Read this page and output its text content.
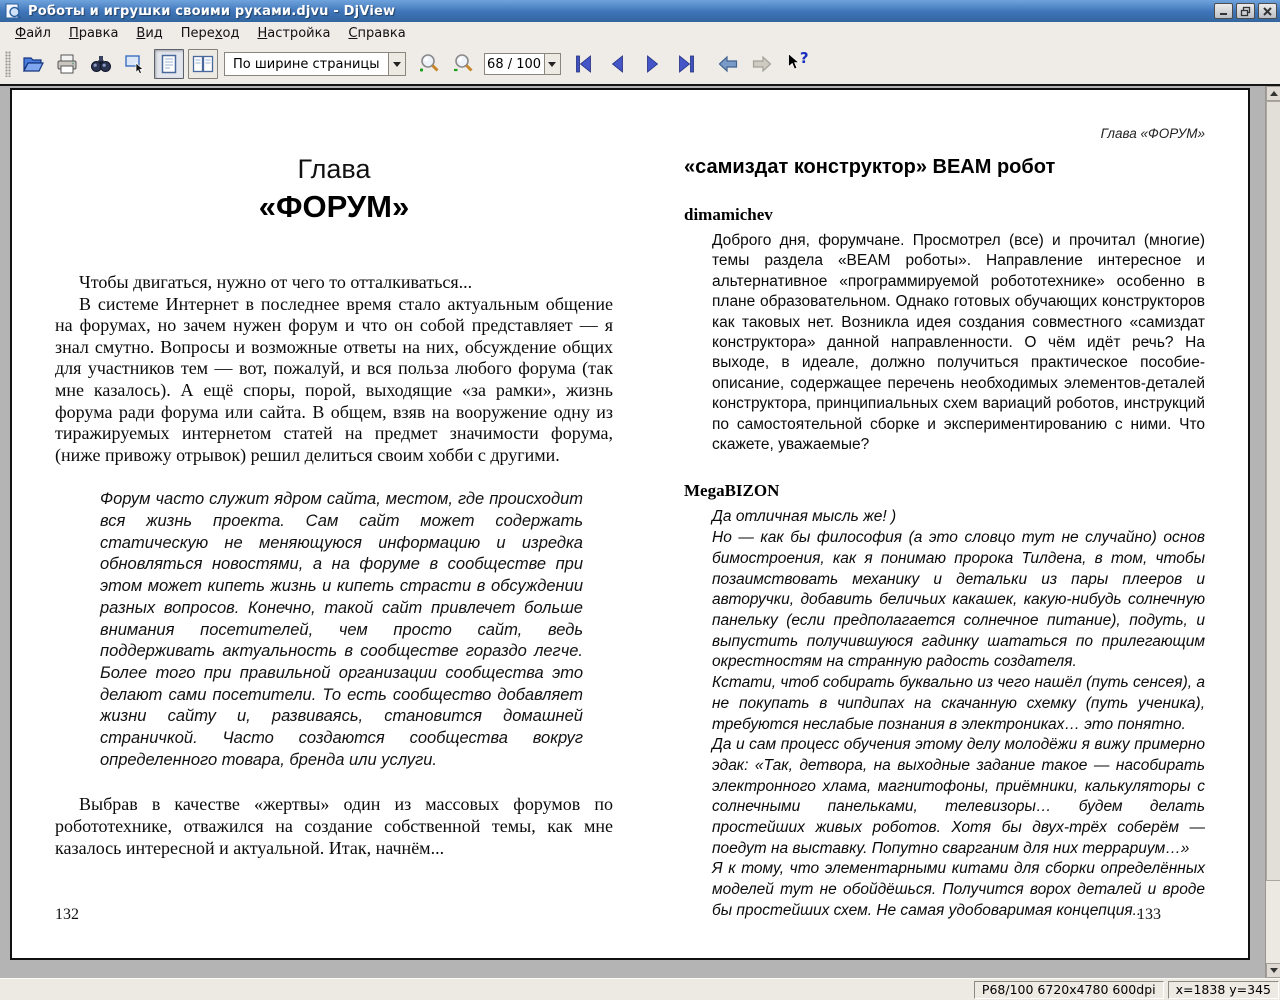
Роботы и игрушки своими руками.djvu - DjView
Файл	Правка	Вид	Переход	Настройка	Справка
По ширине страницы	68 / 100	?
Глава
«ФОРУМ»

Чтобы двигаться, нужно от чего то отталкиваться...

В системе Интернет в последнее время стало актуальным общение на форумах, но зачем нужен форум и что он собой представляет — я знал смутно. Вопросы и возможные ответы на них, обсуждение общих для участников тем — вот, пожалуй, и вся польза любого форума (так мне казалось). А ещё споры, порой, выходящие «за рамки», жизнь форума ради форума или сайта. В общем, взяв на вооружение одну из тиражируемых интернетом статей на предмет значимости форума, (ниже привожу отрывок) решил делиться своим хобби с другими.

Форум часто служит ядром сайта, местом, где происходит вся жизнь проекта. Сам сайт может содержать статическую не меняющуюся информацию и изредка обновляться новостями, а на форуме в сообществе при этом может кипеть жизнь и кипеть страсти в обсуждении разных вопросов. Конечно, такой сайт привлечет больше внимания посетителей, чем просто сайт, ведь поддерживать актуальность в сообществе гораздо легче. Более того при правильной организации сообщества это делают сами посетители. То есть сообщество добавляет жизни сайту и, развиваясь, становится домашней страничкой. Часто создаются сообщества вокруг определенного товара, бренда или услуги.

Выбрав в качестве «жертвы» один из массовых форумов по робототехнике, отважился на создание собственной темы, как мне казалось интересной и актуальной. Итак, начнём...

Глава «ФОРУМ»
«самиздат конструктор» BEAM робот
dimamichev
Доброго дня, форумчане. Просмотрел (все) и прочитал (многие) темы раздела «BEAM роботы». Направление интересное и альтернативное «программируемой робототехнике» особенно в плане образовательном. Однако готовых обучающих конструкторов как таковых нет. Возникла идея создания совместного «самиздат конструктора» данной направленности. О чём идёт речь? На выходе, в идеале, должно получиться практическое пособие-описание, содержащее перечень необходимых элементов-деталей конструктора, принципиальных схем вариаций роботов, инструкций по самостоятельной сборке и экспериментированию с ними. Что скажете, уважаемые?
MegaBIZON

Да отличная мысль же! )

Но — как бы философия (а это словцо тут не случайно) основ бимостроения, как я понимаю пророка Тилдена, в том, чтобы позаимствовать механику и детальки из пары плееров и авторучки, добавить беличьих какашек, какую-нибудь солнечную панельку (если предполагается солнечное питание), подуть, и выпустить получившуюся гадинку шататься по прилегающим окрестностям на странную радость создателя.

Кстати, чтоб собирать буквально из чего нашёл (путь сенсея), а не покупать в чипдипах на скачанную схемку (путь ученика), требуются неслабые познания в электрониках… это понятно.

Да и сам процесс обучения этому делу молодёжи я вижу примерно эдак: «Так, детвора, на выходные задание такое — насобирать электронного хлама, магнитофоны, приёмники, калькуляторы с солнечными панельками, телевизоры… будем делать простейших живых роботов. Хотя бы двух-трёх соберём — поедут на выставку. Попутно сварганим для них террариум…»

Я к тому, что элементарными китами для сборки определённых моделей тут не обойдёшься. Получится ворох деталей и вроде бы простейших схем. Не самая удобоваримая концепция..

132	133
P68/100 6720x4780 600dpi	x=1838 y=345
